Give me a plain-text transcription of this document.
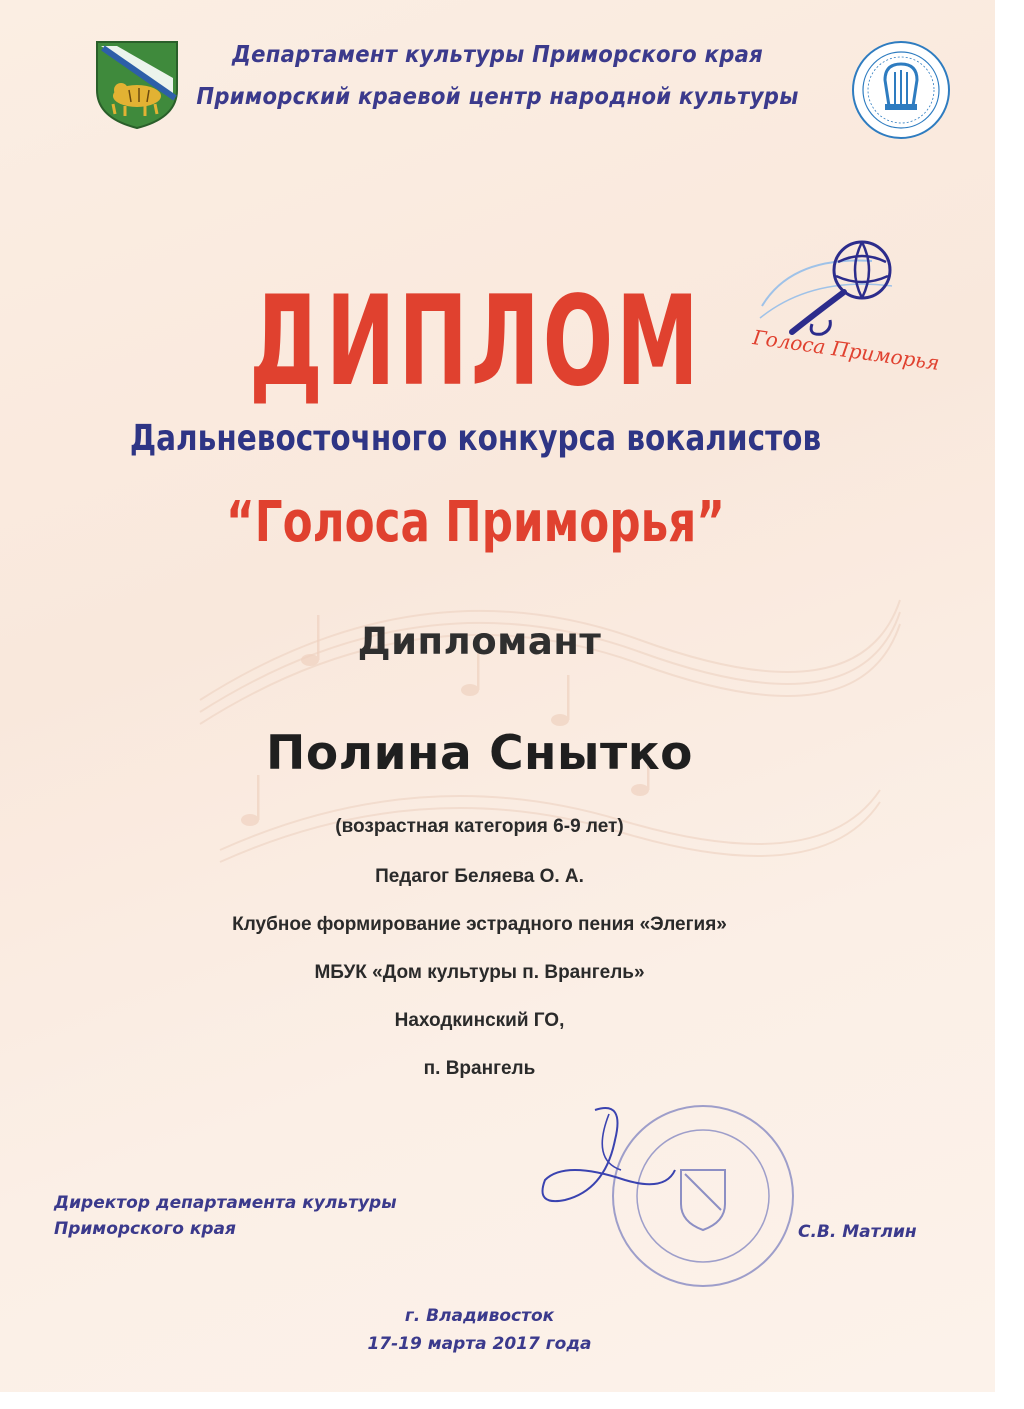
Департамент культуры Приморского края
Приморский краевой центр народной культуры
Голоса Приморья
ДИПЛОМ
Дальневосточного конкурса вокалистов
“Голоса Приморья”
Дипломант
Полина Снытко
(возрастная категория 6-9 лет)
Педагог Беляева О. А.
Клубное формирование эстрадного пения «Элегия»
МБУК «Дом культуры п. Врангель»
Находкинский ГО,
п. Врангель
Директор департамента культуры
Приморского края	С.В. Матлин
г. Владивосток
17-19 марта 2017 года
